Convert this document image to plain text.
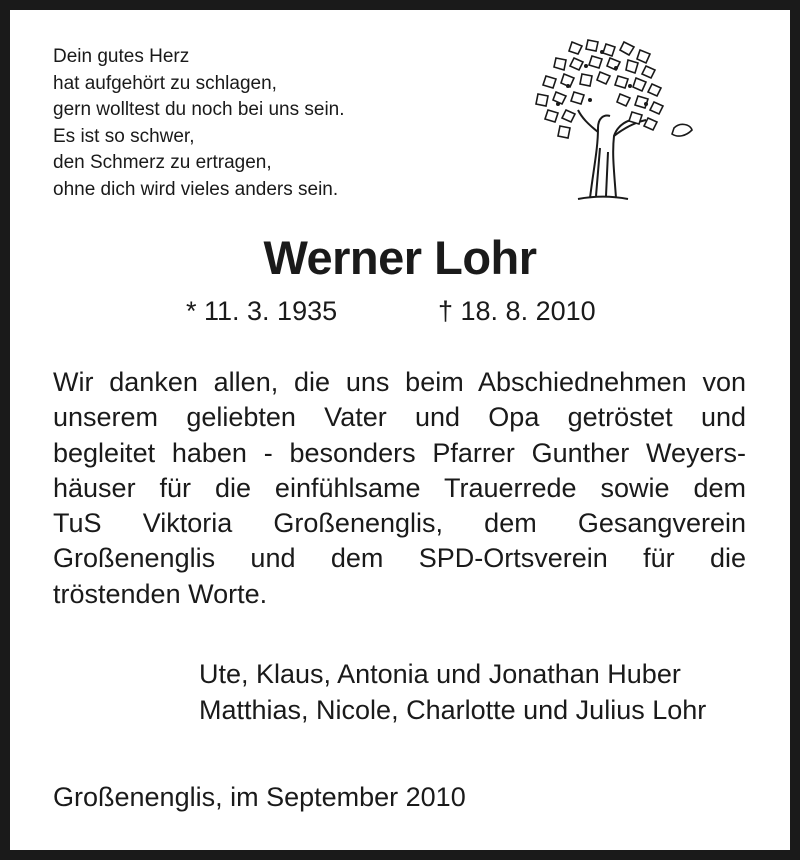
Dein gutes Herz
hat aufgehört zu schlagen,
gern wolltest du noch bei uns sein.
Es ist so schwer,
den Schmerz zu ertragen,
ohne dich wird vieles anders sein.
Werner Lohr
* 11. 3. 1935	† 18. 8. 2010
Wir danken allen, die uns beim Abschiednehmen von
unserem geliebten Vater und Opa getröstet und
begleitet haben - besonders Pfarrer Gunther Weyers-
häuser für die einfühlsame Trauerrede sowie dem
TuS Viktoria Großenenglis, dem Gesangverein
Großenenglis und dem SPD-Ortsverein für die
tröstenden Worte.
Ute, Klaus, Antonia und Jonathan Huber
Matthias, Nicole, Charlotte und Julius Lohr
Großenenglis, im September 2010
